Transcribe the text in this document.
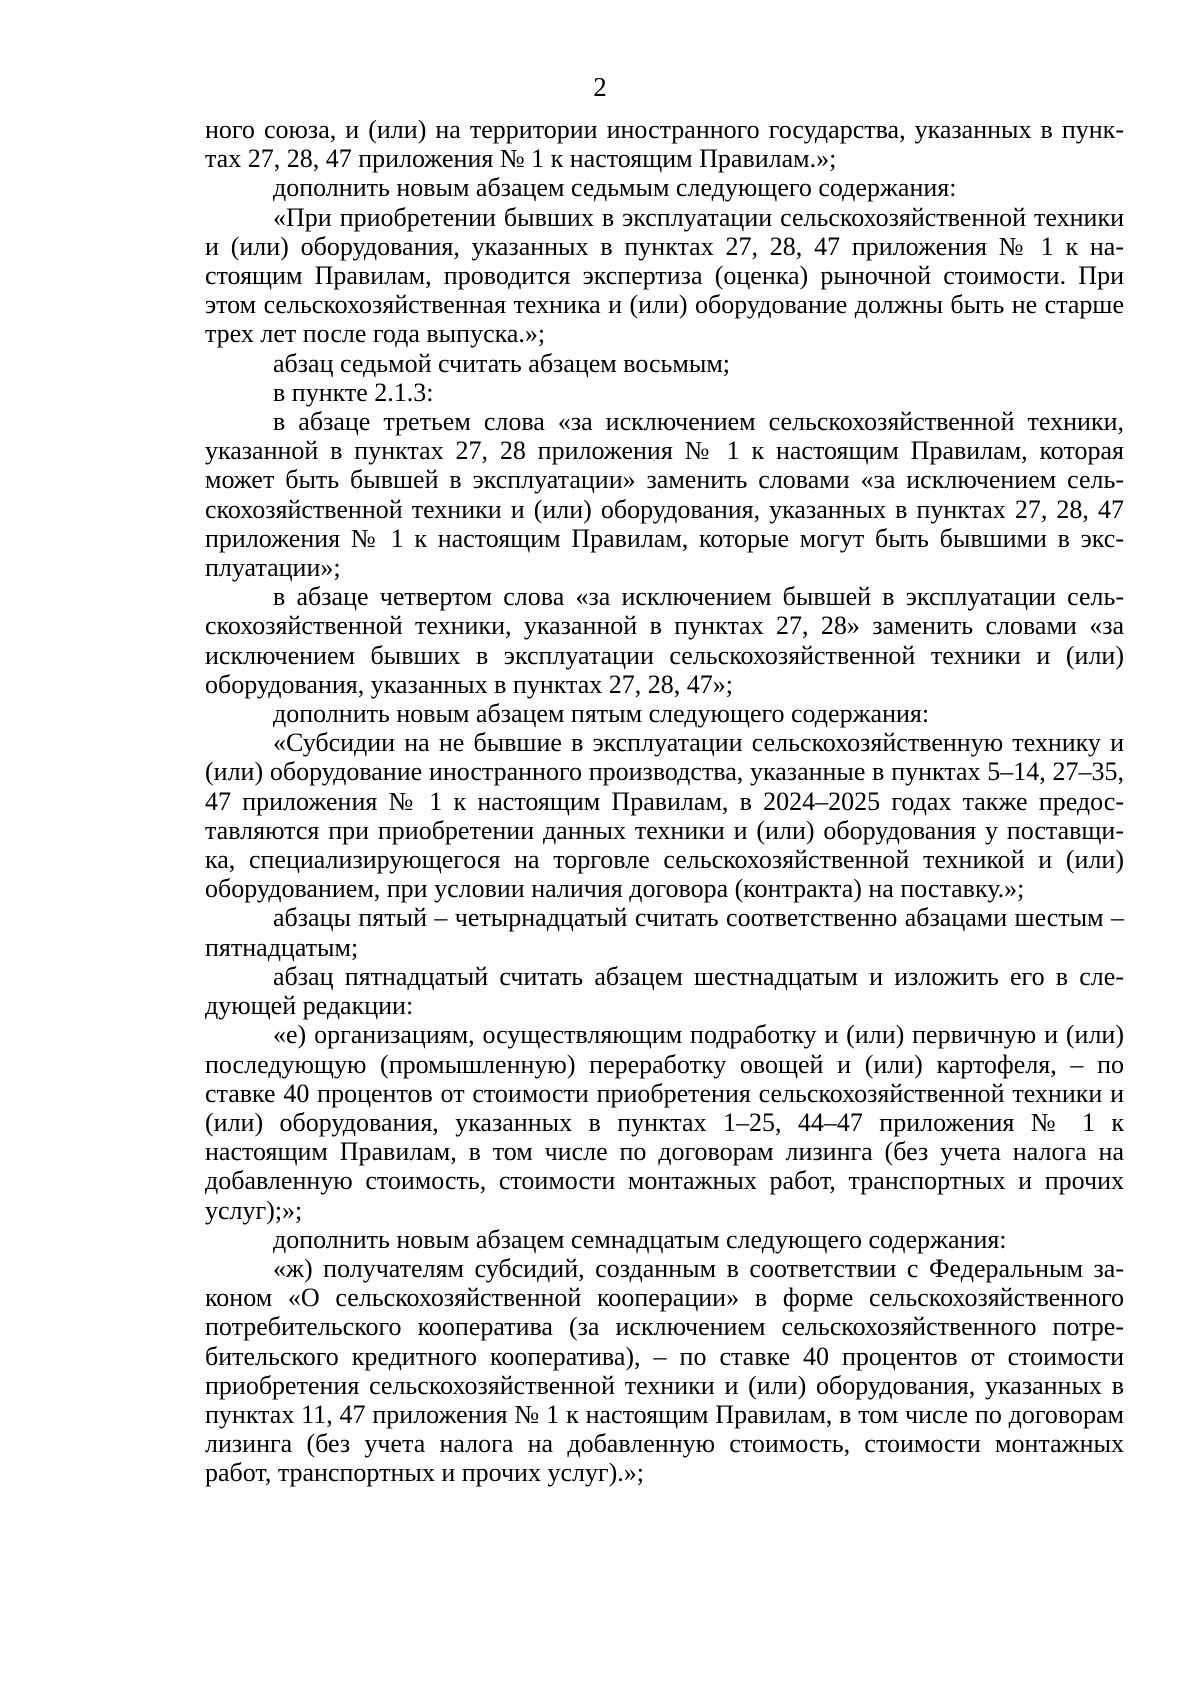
2

ного союза, и (или) на территории иностранного государства, указанных в пунктах 27, 28, 47 приложения № 1 к настоящим Правилам.»;

дополнить новым абзацем седьмым следующего содержания:

«При приобретении бывших в эксплуатации сельскохозяйственной техники и (или) оборудования, указанных в пунктах 27, 28, 47 приложения № 1 к настоящим Правилам, проводится экспертиза (оценка) рыночной стоимости. При этом сельскохозяйственная техника и (или) оборудование должны быть не старше трех лет после года выпуска.»;

абзац седьмой считать абзацем восьмым;

в пункте 2.1.3:

в абзаце третьем слова «за исключением сельскохозяйственной техники, указанной в пунктах 27, 28 приложения № 1 к настоящим Правилам, которая может быть бывшей в эксплуатации» заменить словами «за исключением сельскохозяйственной техники и (или) оборудования, указанных в пунктах 27, 28, 47 приложения № 1 к настоящим Правилам, которые могут быть бывшими в эксплуатации»;

в абзаце четвертом слова «за исключением бывшей в эксплуатации сельскохозяйственной техники, указанной в пунктах 27, 28» заменить словами «за исключением бывших в эксплуатации сельскохозяйственной техники и (или) оборудования, указанных в пунктах 27, 28, 47»;

дополнить новым абзацем пятым следующего содержания:

«Субсидии на не бывшие в эксплуатации сельскохозяйственную технику и (или) оборудование иностранного производства, указанные в пунктах 5–14, 27–35, 47 приложения № 1 к настоящим Правилам, в 2024–2025 годах также предоставляются при приобретении данных техники и (или) оборудования у поставщика, специализирующегося на торговле сельскохозяйственной техникой и (или) оборудованием, при условии наличия договора (контракта) на поставку.»;

абзацы пятый – четырнадцатый считать соответственно абзацами шестым – пятнадцатым;

абзац пятнадцатый считать абзацем шестнадцатым и изложить его в следующей редакции:

«е) организациям, осуществляющим подработку и (или) первичную и (или) последующую (промышленную) переработку овощей и (или) картофеля, – по ставке 40 процентов от стоимости приобретения сельскохозяйственной техники и (или) оборудования, указанных в пунктах 1–25, 44–47 приложения № 1 к настоящим Правилам, в том числе по договорам лизинга (без учета налога на добавленную стоимость, стоимости монтажных работ, транспортных и прочих услуг);»;

дополнить новым абзацем семнадцатым следующего содержания:

«ж) получателям субсидий, созданным в соответствии с Федеральным законом «О сельскохозяйственной кооперации» в форме сельскохозяйственного потребительского кооператива (за исключением сельскохозяйственного потребительского кредитного кооператива), – по ставке 40 процентов от стоимости приобретения сельскохозяйственной техники и (или) оборудования, указанных в пунктах 11, 47 приложения № 1 к настоящим Правилам, в том числе по договорам лизинга (без учета налога на добавленную стоимость, стоимости монтажных работ, транспортных и прочих услуг).»;
